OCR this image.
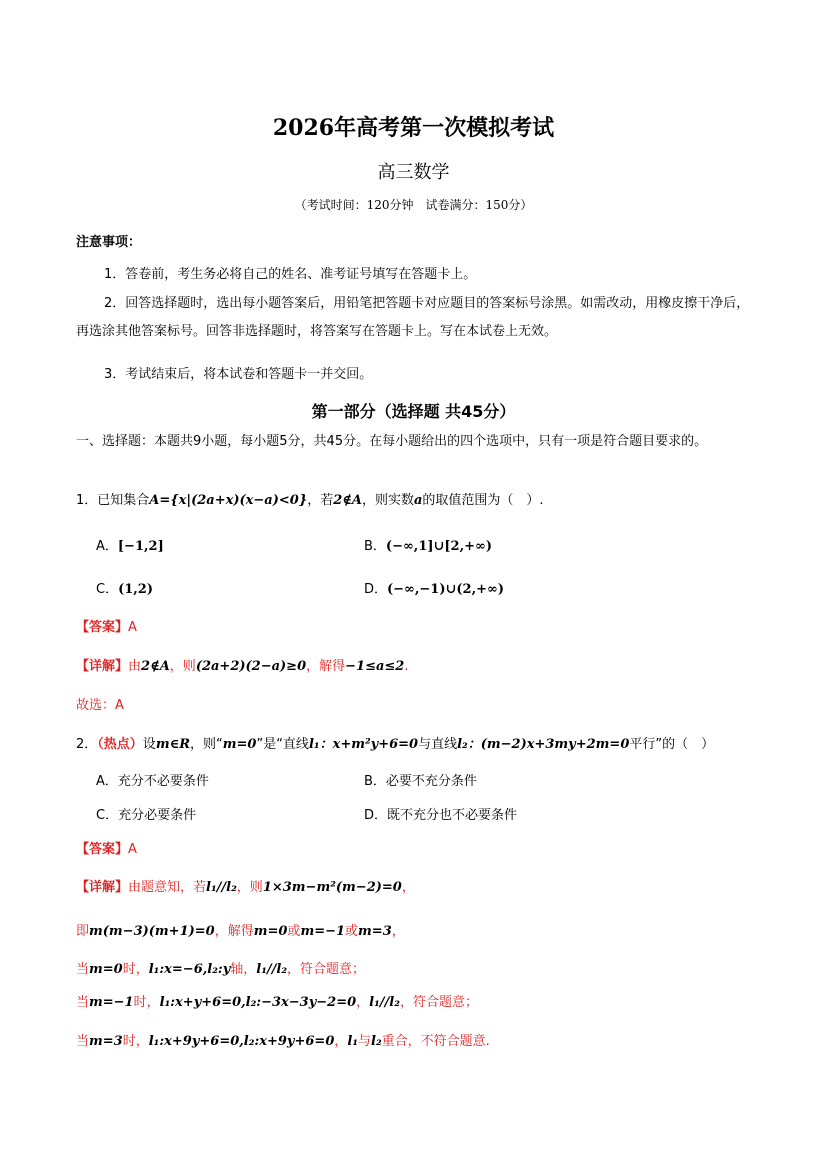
2026年高考第一次模拟考试
高三数学
（考试时间：120分钟　试卷满分：150分）
注意事项：
1．答卷前，考生务必将自己的姓名、准考证号填写在答题卡上。
2．回答选择题时，选出每小题答案后，用铅笔把答题卡对应题目的答案标号涂黑。如需改动，用橡皮擦干净后，再选涂其他答案标号。回答非选择题时，将答案写在答题卡上。写在本试卷上无效。
3．考试结束后，将本试卷和答题卡一并交回。
第一部分（选择题 共45分）
一、选择题：本题共9小题，每小题5分，共45分。在每小题给出的四个选项中，只有一项是符合题目要求的。
1．已知集合A={x|(2a+x)(x−a)<0}，若2∉A，则实数a的取值范围为（　）.
A．[−1,2]	B．(−∞,1]∪[2,+∞)
C．(1,2)	D．(−∞,−1)∪(2,+∞)
【答案】A
【详解】由2∉A，则(2a+2)(2−a)≥0，解得−1≤a≤2.
故选：A
2．（热点）设m∈R，则“m=0”是“直线l₁：x+m²y+6=0与直线l₂：(m−2)x+3my+2m=0平行”的（　）
A．充分不必要条件	B．必要不充分条件
C．充分必要条件	D．既不充分也不必要条件
【答案】A
【详解】由题意知，若l₁//l₂，则1×3m−m²(m−2)=0，
即m(m−3)(m+1)=0，解得m=0或m=−1或m=3，
当m=0时，l₁:x=−6,l₂:y轴，l₁//l₂，符合题意；
当m=−1时，l₁:x+y+6=0,l₂:−3x−3y−2=0，l₁//l₂，符合题意；
当m=3时，l₁:x+9y+6=0,l₂:x+9y+6=0，l₁与l₂重合，不符合题意.
